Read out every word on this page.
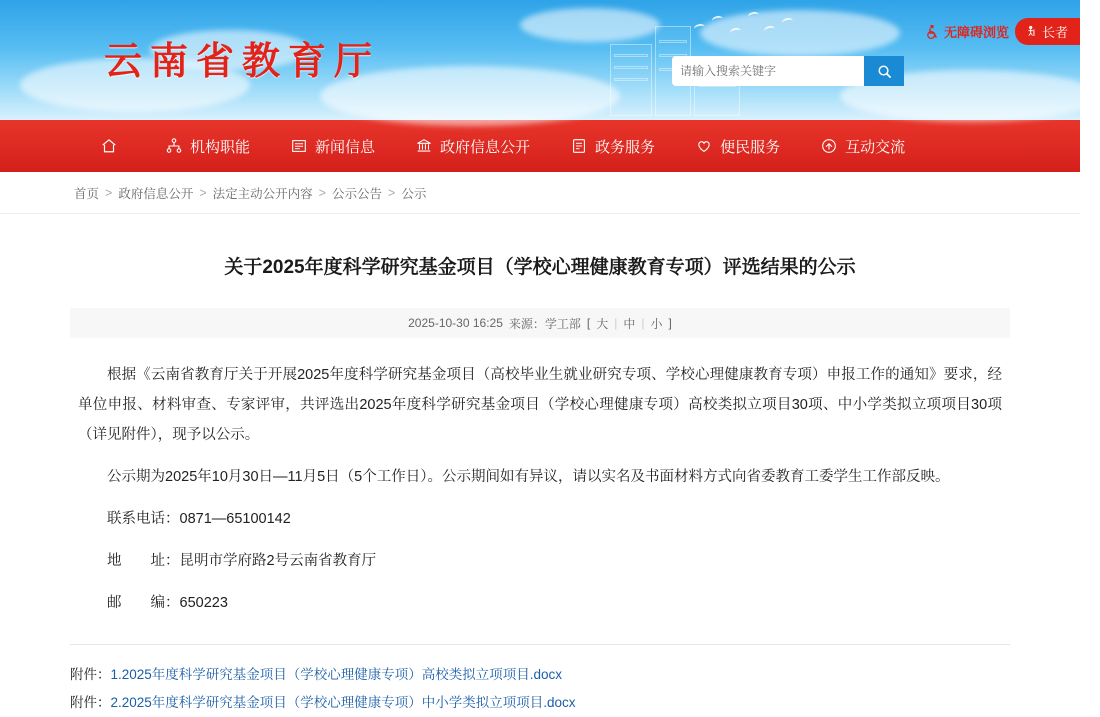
云南省教育厅
请输入搜索关键字
无障碍浏览	长者
机构职能	新闻信息	政府信息公开	政务服务	便民服务	互动交流
首页 > 政府信息公开 > 法定主动公开内容 > 公示公告 > 公示
关于2025年度科学研究基金项目（学校心理健康教育专项）评选结果的公示
2025-10-30 16:25 来源：学工部 [ 大 | 中 | 小 ]

根据《云南省教育厅关于开展2025年度科学研究基金项目（高校毕业生就业研究专项、学校心理健康教育专项）申报工作的通知》要求，经单位申报、材料审查、专家评审，共评选出2025年度科学研究基金项目（学校心理健康专项）高校类拟立项目30项、中小学类拟立项项目30项（详见附件），现予以公示。

公示期为2025年10月30日—11月5日（5个工作日）。公示期间如有异议，请以实名及书面材料方式向省委教育工委学生工作部反映。

联系电话：0871—65100142

地　　址：昆明市学府路2号云南省教育厅

邮　　编：650223

附件：1.2025年度科学研究基金项目（学校心理健康专项）高校类拟立项项目.docx
附件：2.2025年度科学研究基金项目（学校心理健康专项）中小学类拟立项项目.docx
